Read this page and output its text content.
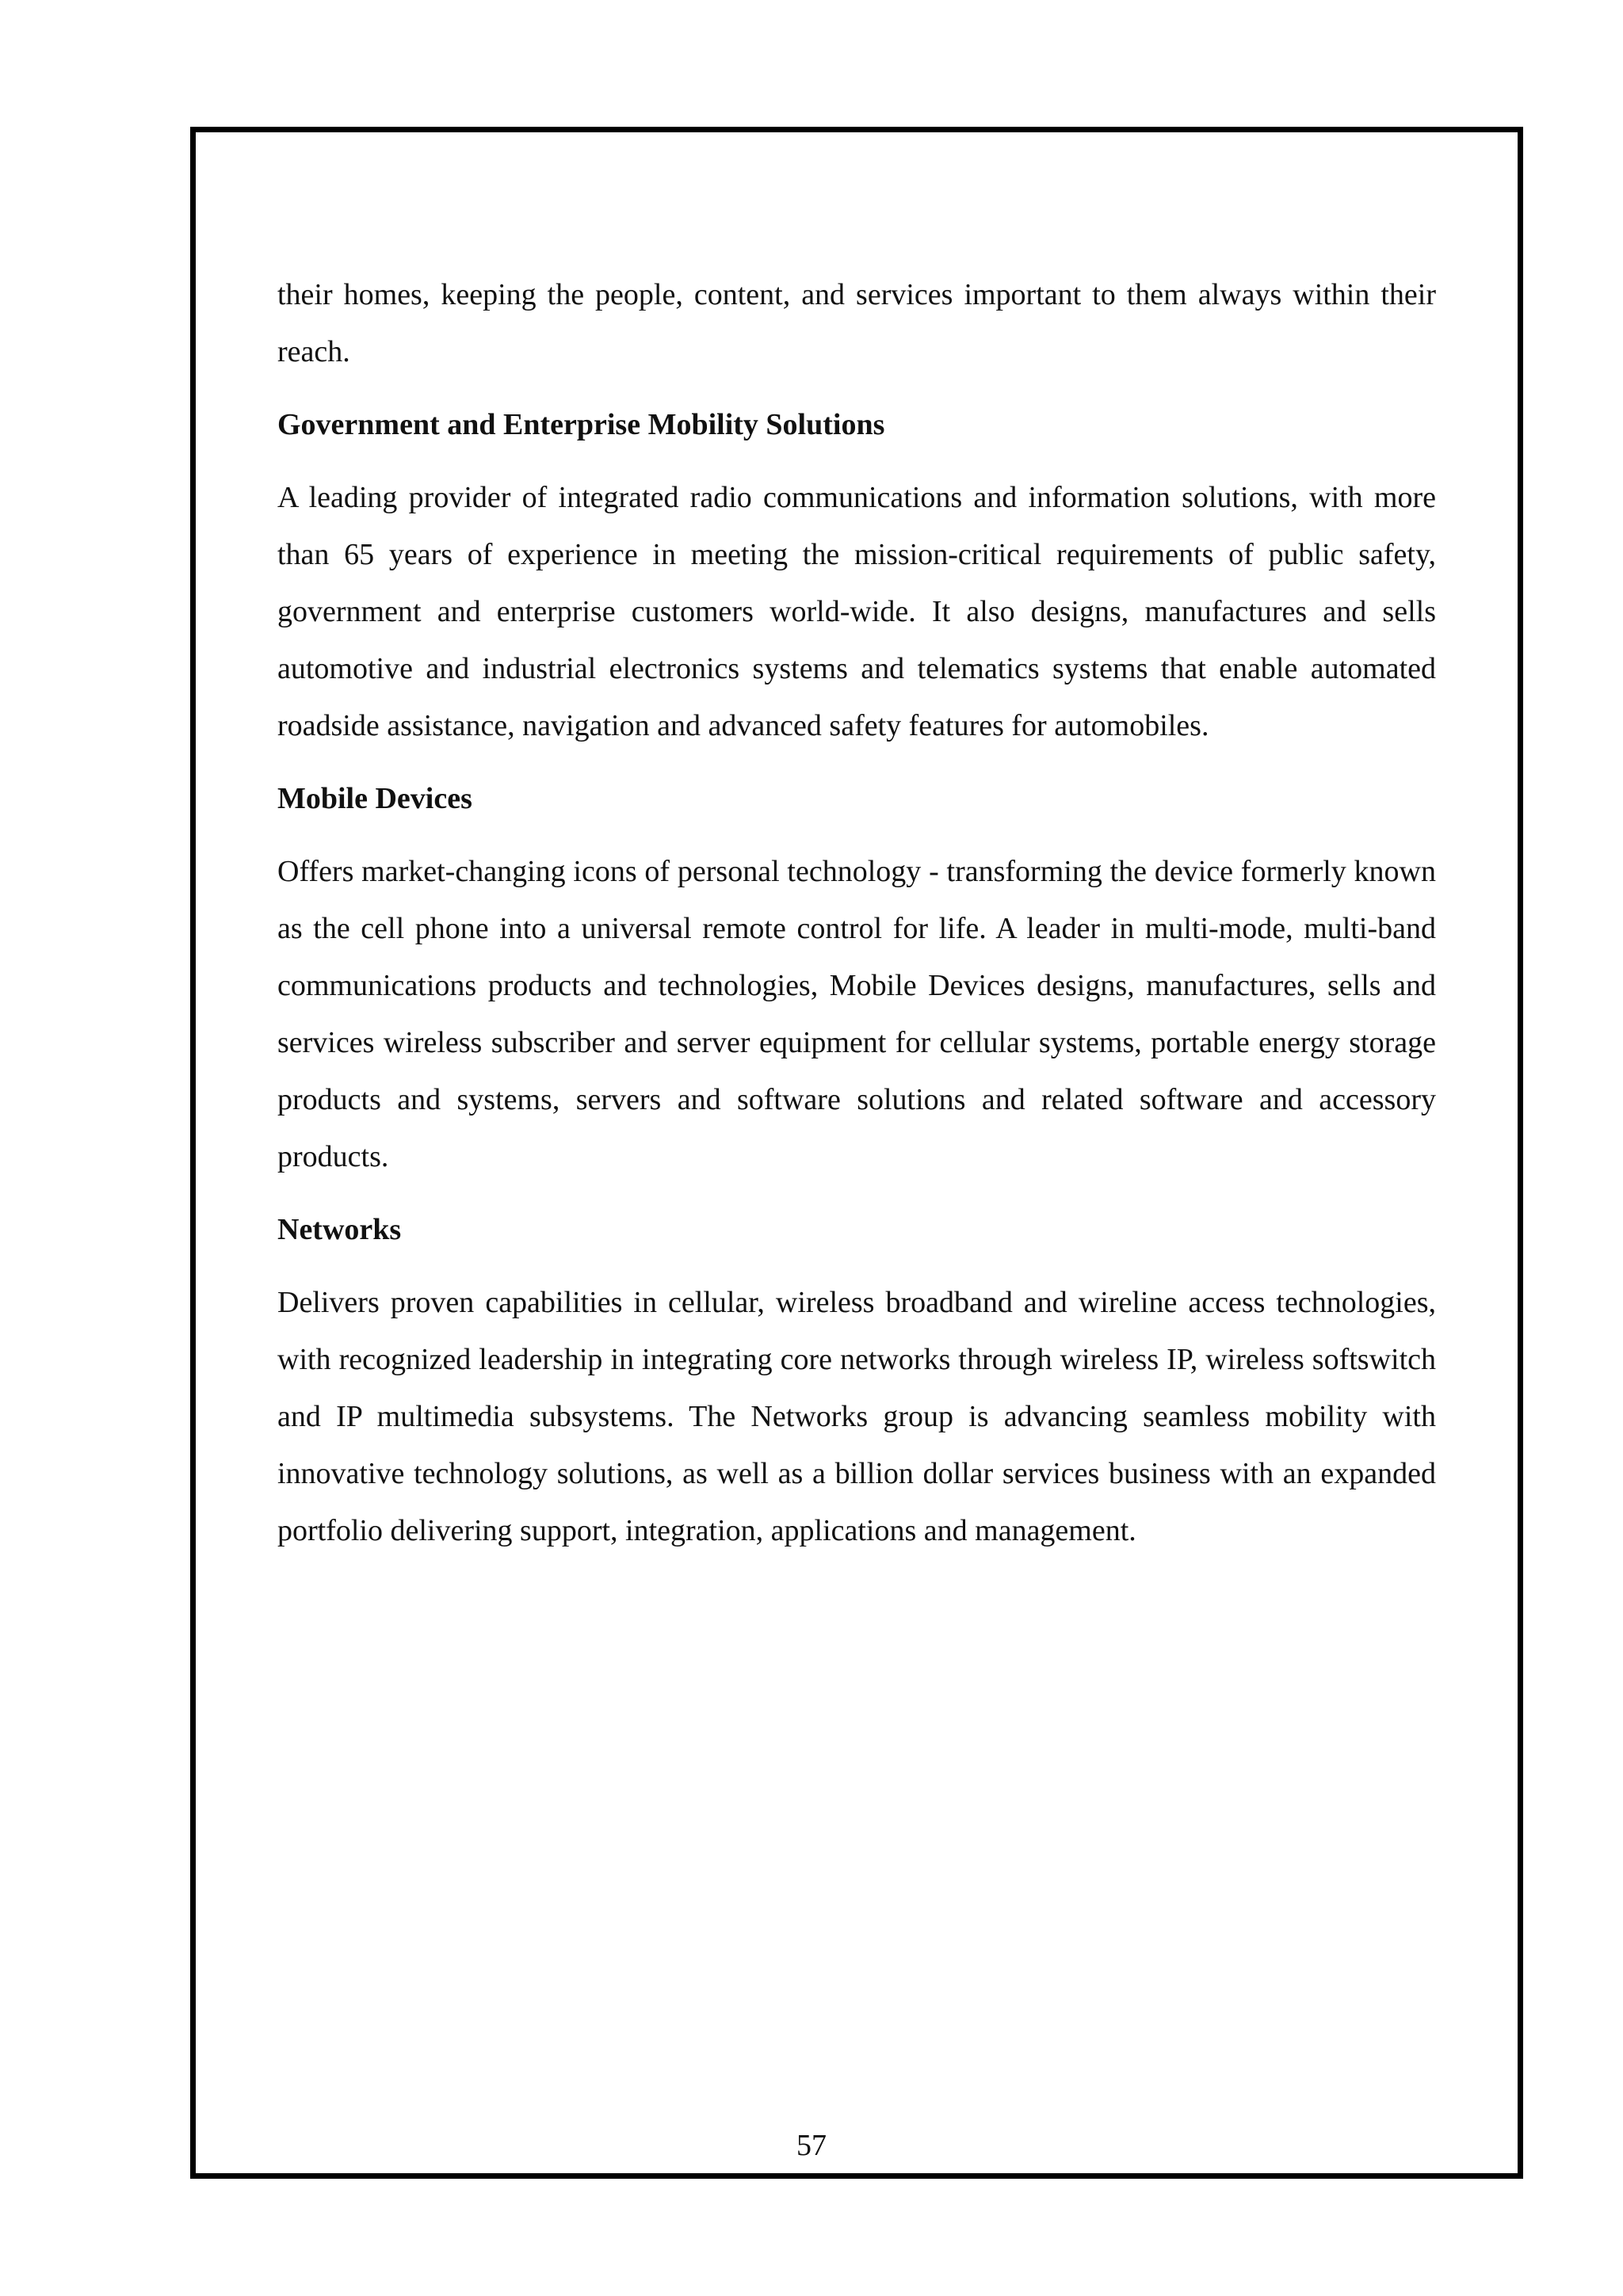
their homes, keeping the people, content, and services important to them always within their reach.

Government and Enterprise Mobility Solutions

A leading provider of integrated radio communications and information solutions, with more than 65 years of experience in meeting the mission-critical requirements of public safety, government and enterprise customers world-wide. It also designs, manufactures and sells automotive and industrial electronics systems and telematics systems that enable automated roadside assistance, navigation and advanced safety features for automobiles.

Mobile Devices

Offers market-changing icons of personal technology - transforming the device formerly known as the cell phone into a universal remote control for life. A leader in multi-mode, multi-band communications products and technologies, Mobile Devices designs, manufactures, sells and services wireless subscriber and server equipment for cellular systems, portable energy storage products and systems, servers and software solutions and related software and accessory products.

Networks

Delivers proven capabilities in cellular, wireless broadband and wireline access technologies, with recognized leadership in integrating core networks through wireless IP, wireless softswitch and IP multimedia subsystems. The Networks group is advancing seamless mobility with innovative technology solutions, as well as a billion dollar services business with an expanded portfolio delivering support, integration, applications and management.

57
